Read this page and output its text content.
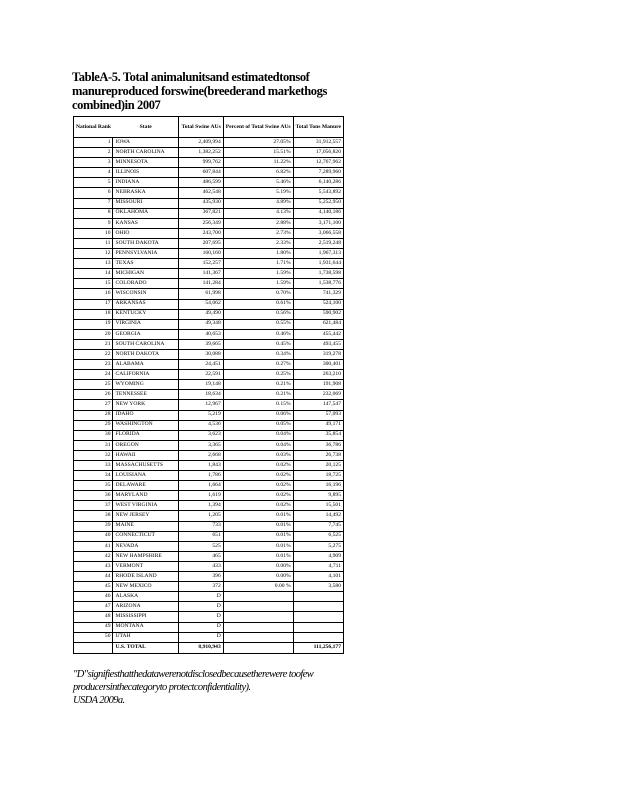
TableA-5. Total animalunitsand estimatedtonsof manureproduced forswine(breederand markethogs combined)in 2007
National Rank	State	Total Swine AUs	Percent of Total Swine AUs	Total Tons Manure
1	IOWA	2,409,994	27.05%	31,912,557
2	NORTH CAROLINA	1,382,252	15.51%	17,056,820
3	MINNESOTA	999,762	11.22%	12,767,962
4	ILLINOIS	607,844	6.82%	7,289,960
5	INDIANA	486,599	5.46%	6,140,286
6	NEBRASKA	462,548	5.19%	5,543,892
7	MISSOURI	435,930	4.89%	5,252,950
8	OKLAHOMA	367,821	4.13%	4,140,186
9	KANSAS	256,349	2.88%	3,171,100
10	OHIO	243,700	2.73%	3,066,558
11	SOUTH DAKOTA	207,695	2.33%	2,519,248
12	PENNSYLVANIA	160,160	1.80%	1,967,313
13	TEXAS	152,257	1.71%	1,931,644
14	MICHIGAN	141,367	1.59%	1,738,598
15	COLORADO	141,284	1.59%	1,538,776
16	WISCONSIN	61,998	0.70%	741,329
17	ARKANSAS	54,062	0.61%	524,100
18	KENTUCKY	49,490	0.56%	590,902
19	VIRGINIA	49,348	0.55%	621,484
20	GEORGIA	40,653	0.46%	455,442
21	SOUTH CAROLINA	39,665	0.45%	493,455
22	NORTH DAKOTA	30,088	0.34%	319,278
23	ALABAMA	24,451	0.27%	300,401
24	CALIFORNIA	22,591	0.25%	263,210
25	WYOMING	19,148	0.21%	191,908
26	TENNESSEE	18,634	0.21%	232,069
27	NEW YORK	12,967	0.15%	147,547
28	IDAHO	5,219	0.06%	57,093
29	WASHINGTON	4,536	0.05%	49,171
30	FLORIDA	3,623	0.04%	35,854
31	OREGON	3,365	0.04%	36,786
32	HAWAII	2,668	0.03%	26,738
33	MASSACHUSETTS	1,843	0.02%	20,125
34	LOUISIANA	1,786	0.02%	18,725
35	DELAWARE	1,664	0.02%	16,196
36	MARYLAND	1,619	0.02%	9,895
37	WEST VIRGINIA	1,394	0.02%	15,501
38	NEW JERSEY	1,205	0.01%	14,492
39	MAINE	733	0.01%	7,745
40	CONNECTICUT	651	0.01%	6,525
41	NEVADA	525	0.01%	5,275
42	NEW HAMPSHIRE	465	0.01%	4,909
43	VERMONT	433	0.00%	4,711
44	RHODE ISLAND	396	0.00%	4,101
45	NEW MEXICO	372	0.00 %	3,580
46	ALASKA	D		
47	ARIZONA	D		
48	MISSISSIPPI	D		
49	MONTANA	D		
50	UTAH	D		
	U.S. TOTAL	8,910,943		111,256,177
"D"signifiesthatthedatawerenotdisclosedbecausetherewere toofew producersinthecategoryto protectconfidentiality).
USDA 2009a.
